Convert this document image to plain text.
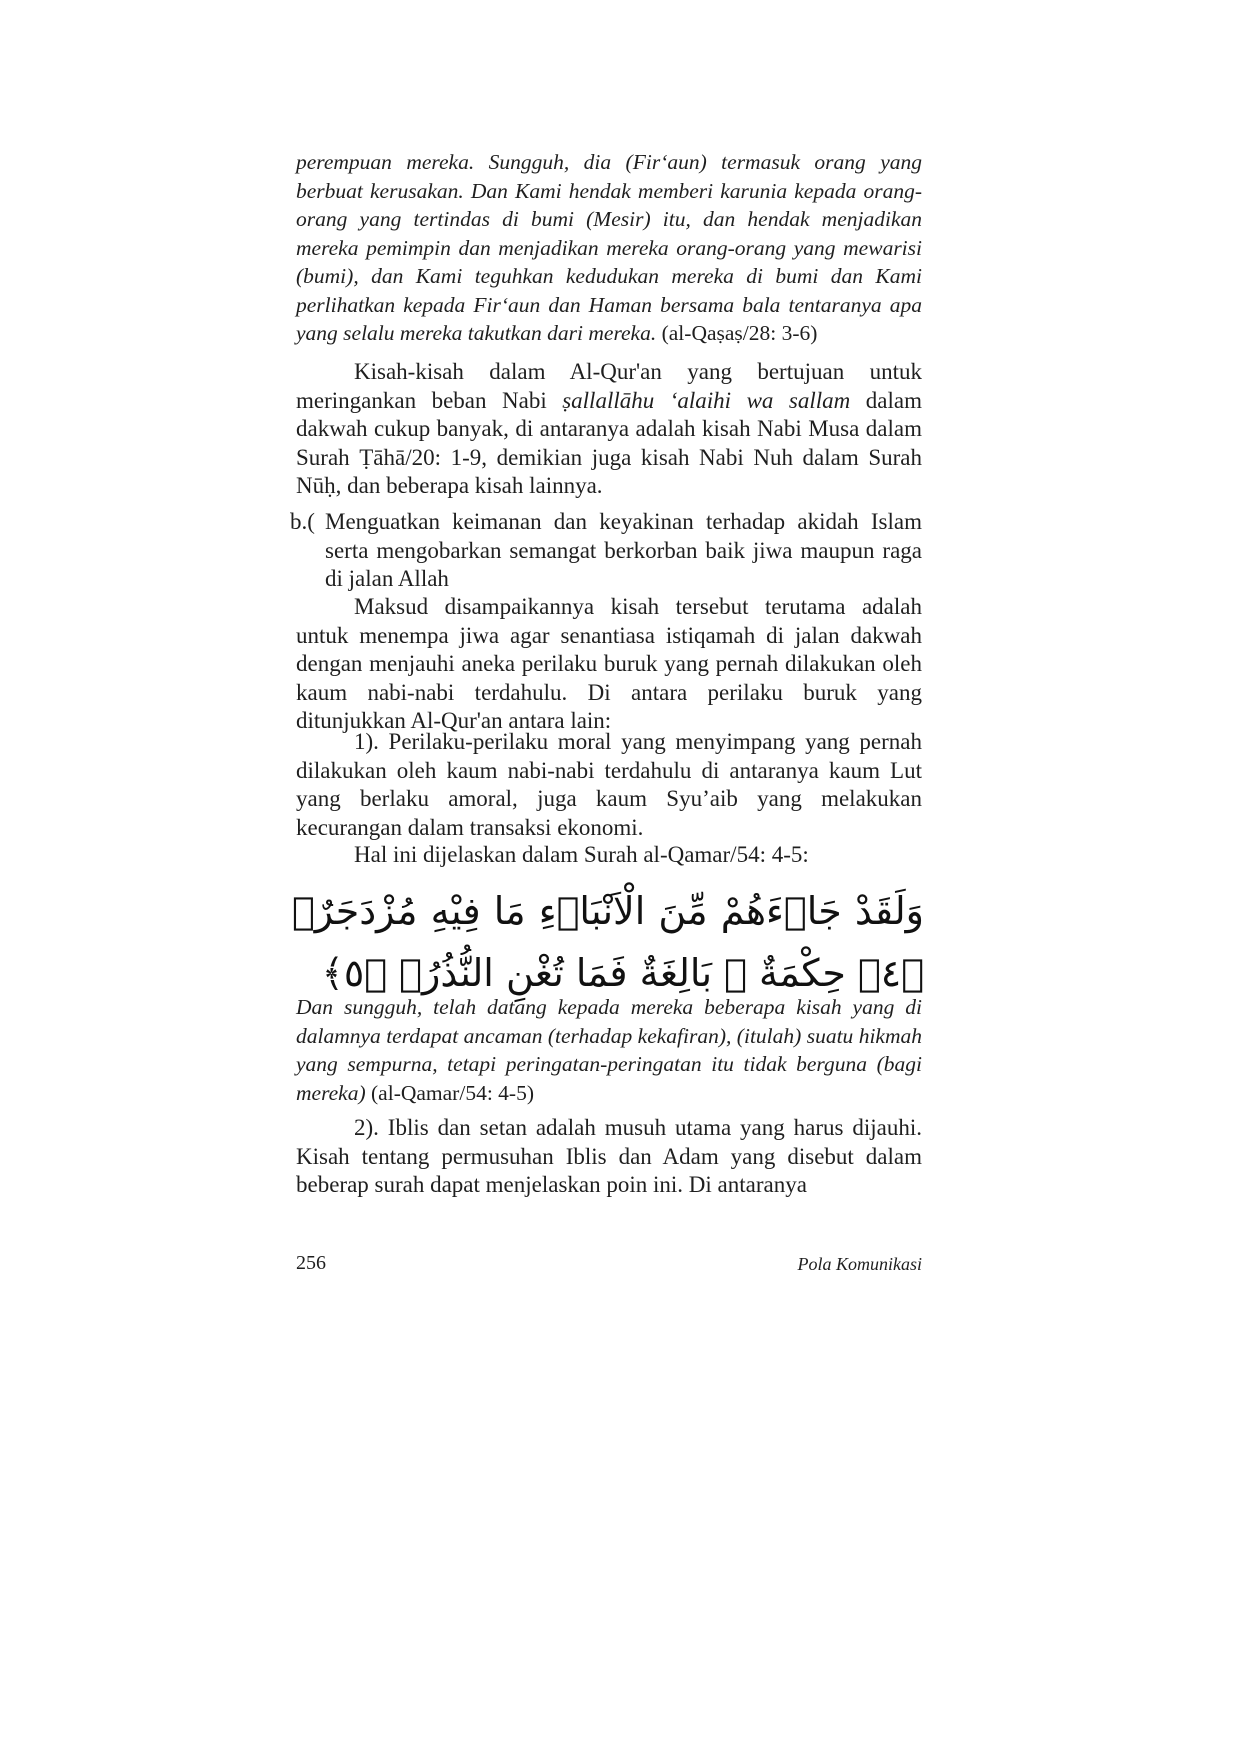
perempuan mereka. Sungguh, dia (Fir‘aun) termasuk orang yang berbuat kerusakan. Dan Kami hendak memberi karunia kepada orang-orang yang tertindas di bumi (Mesir) itu, dan hendak menjadikan mereka pemimpin dan menjadikan mereka orang-orang yang mewarisi (bumi), dan Kami teguhkan kedudukan mereka di bumi dan Kami perlihatkan kepada Fir‘aun dan Haman bersama bala tentaranya apa yang selalu mereka takutkan dari mereka. (al-Qaṣaṣ/28: 3-6)

Kisah-kisah dalam Al-Qur'an yang bertujuan untuk meringankan beban Nabi ṣallallāhu ‘alaihi wa sallam dalam dakwah cukup banyak, di antaranya adalah kisah Nabi Musa dalam Surah Ṭāhā/20: 1-9, demikian juga kisah Nabi Nuh dalam Surah Nūḥ, dan beberapa kisah lainnya.

b.( Menguatkan keimanan dan keyakinan terhadap akidah Islam serta mengobarkan semangat berkorban baik jiwa maupun raga di jalan Allah

Maksud disampaikannya kisah tersebut terutama adalah untuk menempa jiwa agar senantiasa istiqamah di jalan dakwah dengan menjauhi aneka perilaku buruk yang pernah dilakukan oleh kaum nabi-nabi terdahulu. Di antara perilaku buruk yang ditunjukkan Al-Qur'an antara lain:

1). Perilaku-perilaku moral yang menyimpang yang pernah dilakukan oleh kaum nabi-nabi terdahulu di antaranya kaum Lut yang berlaku amoral, juga kaum Syu’aib yang melakukan kecurangan dalam transaksi ekonomi.

Hal ini dijelaskan dalam Surah al-Qamar/54: 4-5:

وَلَقَدْ جَاۤءَهُمْ مِّنَ الْاَنْبَاۤءِ مَا فِيْهِ مُزْدَجَرٌۙ ﴿٤﴾ حِكْمَةٌ ۢ بَالِغَةٌ فَمَا تُغْنِ النُّذُرُۙ ﴿٥﴾

Dan sungguh, telah datang kepada mereka beberapa kisah yang di dalamnya terdapat ancaman (terhadap kekafiran), (itulah) suatu hikmah yang sempurna, tetapi peringatan-peringatan itu tidak berguna (bagi mereka) (al-Qamar/54: 4-5)

2). Iblis dan setan adalah musuh utama yang harus dijauhi. Kisah tentang permusuhan Iblis dan Adam yang disebut dalam beberap surah dapat menjelaskan poin ini. Di antaranya

256	Pola Komunikasi
